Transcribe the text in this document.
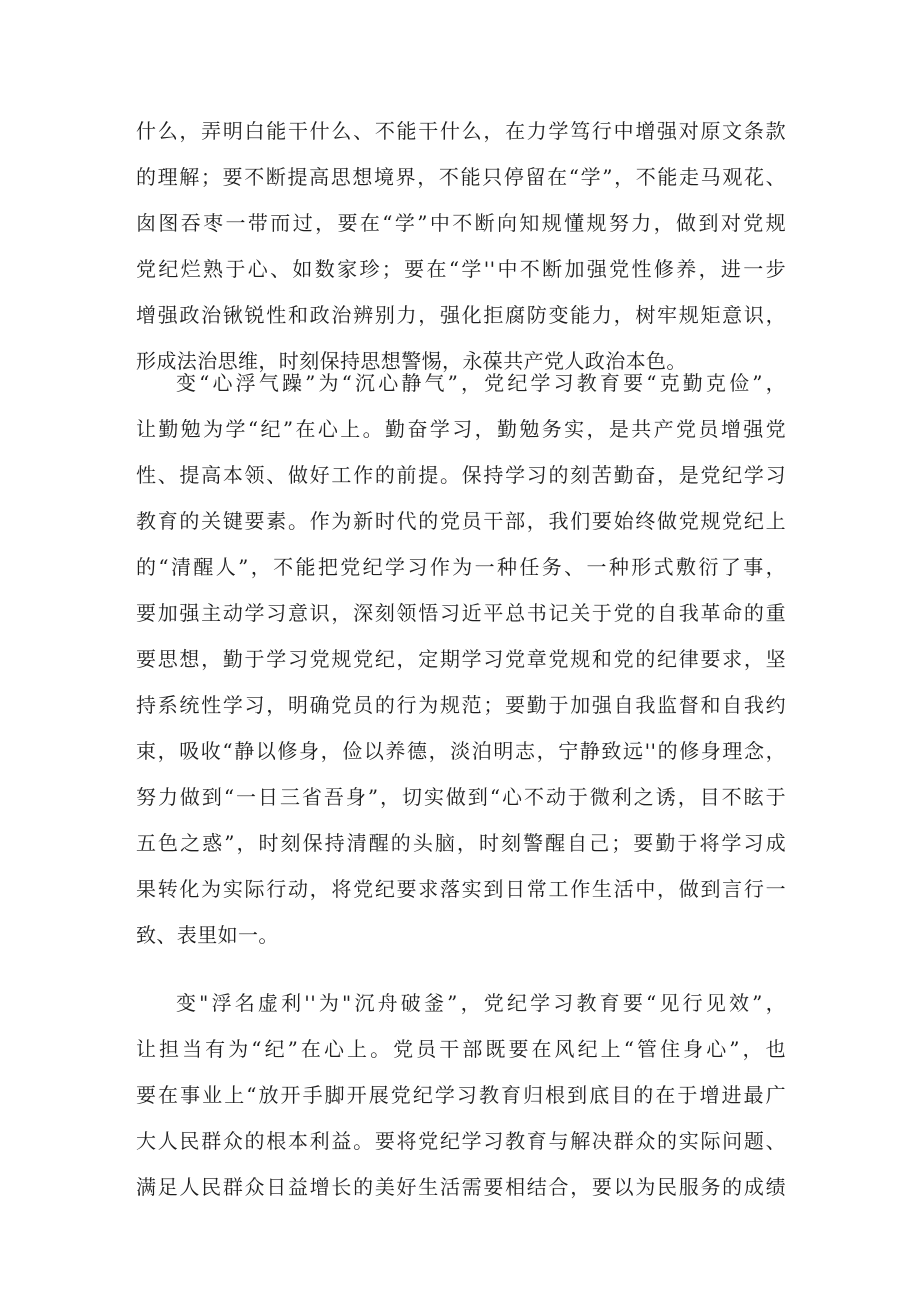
什么，弄明白能干什么、不能干什么，在力学笃行中增强对原文条款
的理解；要不断提高思想境界，不能只停留在“学”，不能走马观花、
囱图吞枣一带而过，要在“学”中不断向知规懂规努力，做到对党规
党纪烂熟于心、如数家珍；要在“学''中不断加强党性修养，进一步
增强政治锹锐性和政治辨别力，强化拒腐防变能力，树牢规矩意识，
形成法治思维，时刻保持思想警惕，永葆共产党人政治本色。
变“心浮气躁”为“沉心静气”，党纪学习教育要“克勤克俭”，
让勤勉为学“纪”在心上。勤奋学习，勤勉务实，是共产党员增强党
性、提高本领、做好工作的前提。保持学习的刻苦勤奋，是党纪学习
教育的关键要素。作为新时代的党员干部，我们要始终做党规党纪上
的“清醒人”，不能把党纪学习作为一种任务、一种形式敷衍了事，
要加强主动学习意识，深刻领悟习近平总书记关于党的自我革命的重
要思想，勤于学习党规党纪，定期学习党章党规和党的纪律要求，坚
持系统性学习，明确党员的行为规范；要勤于加强自我监督和自我约
束，吸收“静以修身，俭以养德，淡泊明志，宁静致远''的修身理念，
努力做到“一日三省吾身”，切实做到“心不动于微利之诱，目不眩于
五色之惑”，时刻保持清醒的头脑，时刻警醒自己；要勤于将学习成
果转化为实际行动，将党纪要求落实到日常工作生活中，做到言行一
致、表里如一。
变"浮名虚利''为"沉舟破釜”，党纪学习教育要“见行见效”，
让担当有为“纪”在心上。党员干部既要在风纪上“管住身心”，也
要在事业上“放开手脚开展党纪学习教育归根到底目的在于增进最广
大人民群众的根本利益。要将党纪学习教育与解决群众的实际问题、
满足人民群众日益增长的美好生活需要相结合，要以为民服务的成绩
